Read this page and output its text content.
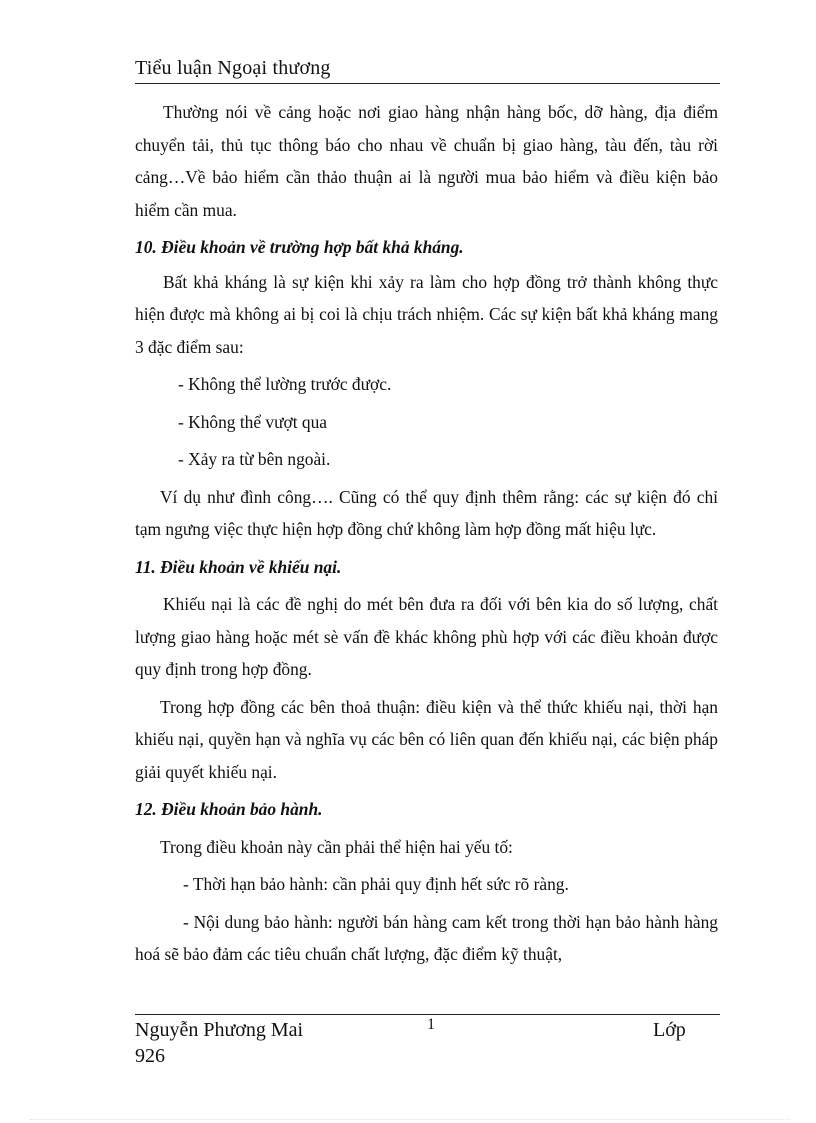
Tiểu luận Ngoại thương

Thường nói về cảng hoặc nơi giao hàng nhận hàng bốc, dỡ hàng, địa điểm chuyển tải, thủ tục thông báo cho nhau về chuẩn bị giao hàng, tàu đến, tàu rời cảng…Về bảo hiểm cần thảo thuận ai là người mua bảo hiểm và điều kiện bảo hiểm cần mua.

10. Điều khoản về trường hợp bất khả kháng.

Bất khả kháng là sự kiện khi xảy ra làm cho hợp đồng trở thành không thực hiện được mà không ai bị coi là chịu trách nhiệm. Các sự kiện bất khả kháng mang 3 đặc điểm sau:

- Không thể lường trước được.

- Không thể vượt qua

- Xảy ra từ bên ngoài.

Ví dụ như đình công…. Cũng có thể quy định thêm rằng: các sự kiện đó chỉ tạm ngưng việc thực hiện hợp đồng chứ không làm hợp đồng mất hiệu lực.

11. Điều khoản về khiếu nại.

Khiếu nại là các đề nghị do mét bên đưa ra đối với bên kia do số lượng, chất lượng giao hàng hoặc mét sè vấn đề khác không phù hợp với các điều khoản được quy định trong hợp đồng.

Trong hợp đồng các bên thoả thuận: điều kiện và thể thức khiếu nại, thời hạn khiếu nại, quyền hạn và nghĩa vụ các bên có liên quan đến khiếu nại, các biện pháp giải quyết khiếu nại.

12. Điều khoản bảo hành.

Trong điều khoản này cần phải thể hiện hai yếu tố:

- Thời hạn bảo hành: cần phải quy định hết sức rõ ràng.

- Nội dung bảo hành: người bán hàng cam kết trong thời hạn bảo hành hàng hoá sẽ bảo đảm các tiêu chuẩn chất lượng, đặc điểm kỹ thuật,

Nguyễn Phương Mai
926
1	Lớp
